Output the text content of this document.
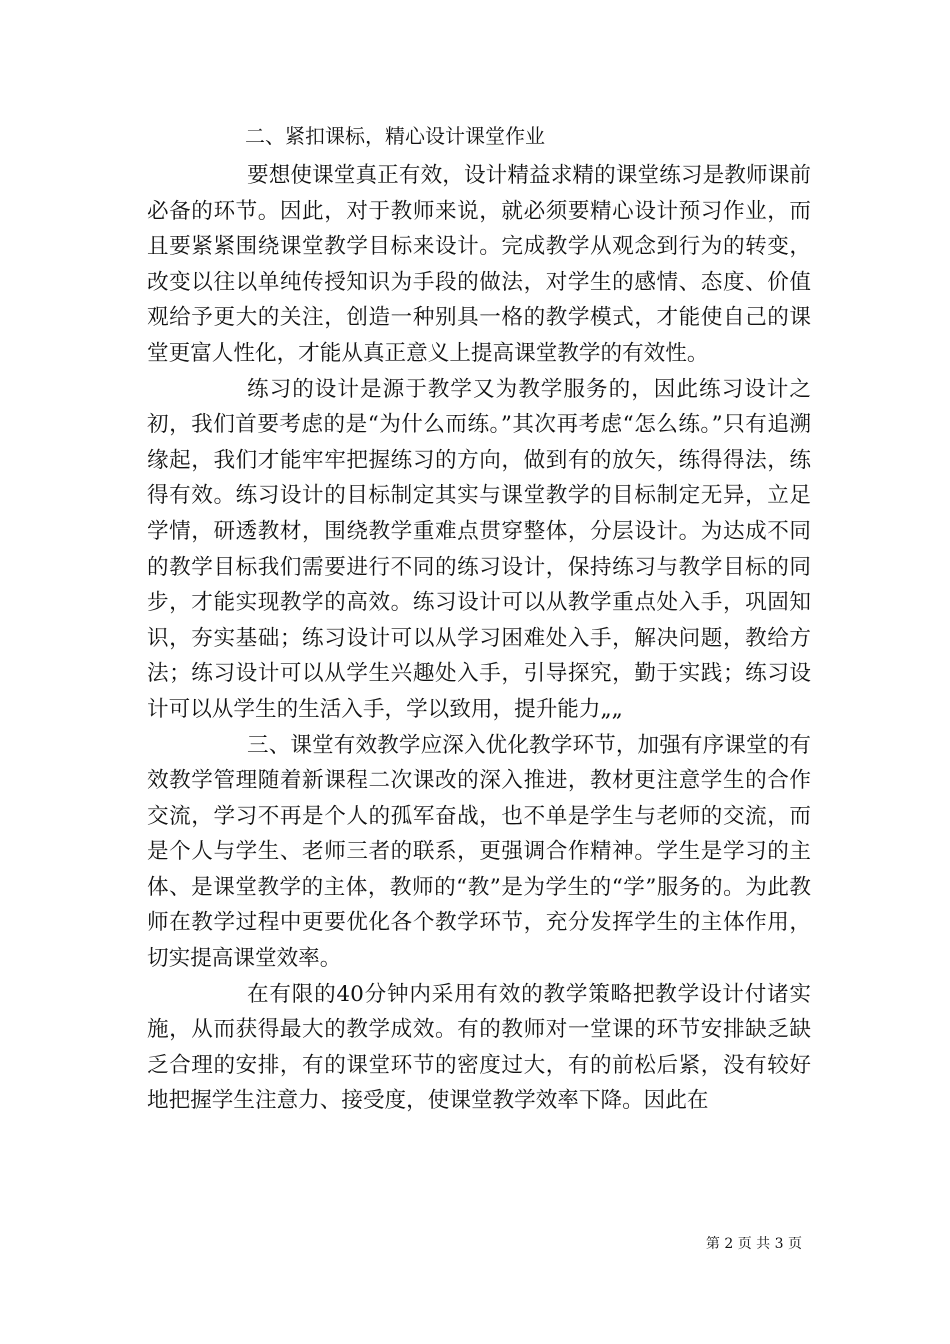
二、紧扣课标，精心设计课堂作业

要想使课堂真正有效，设计精益求精的课堂练习是教师课前必备的环节。因此，对于教师来说，就必须要精心设计预习作业，而且要紧紧围绕课堂教学目标来设计。完成教学从观念到行为的转变，改变以往以单纯传授知识为手段的做法，对学生的感情、态度、价值观给予更大的关注，创造一种别具一格的教学模式，才能使自己的课堂更富人性化，才能从真正意义上提高课堂教学的有效性。

练习的设计是源于教学又为教学服务的，因此练习设计之初，我们首要考虑的是“为什么而练。”其次再考虑“怎么练。”只有追溯缘起，我们才能牢牢把握练习的方向，做到有的放矢，练得得法，练得有效。练习设计的目标制定其实与课堂教学的目标制定无异，立足学情，研透教材，围绕教学重难点贯穿整体，分层设计。为达成不同的教学目标我们需要进行不同的练习设计，保持练习与教学目标的同步，才能实现教学的高效。练习设计可以从教学重点处入手，巩固知识，夯实基础；练习设计可以从学习困难处入手，解决问题，教给方法；练习设计可以从学生兴趣处入手，引导探究，勤于实践；练习设计可以从学生的生活入手，学以致用，提升能力„„

三、课堂有效教学应深入优化教学环节，加强有序课堂的有效教学管理随着新课程二次课改的深入推进，教材更注意学生的合作交流，学习不再是个人的孤军奋战，也不单是学生与老师的交流，而是个人与学生、老师三者的联系，更强调合作精神。学生是学习的主体、是课堂教学的主体，教师的“教”是为学生的“学”服务的。为此教师在教学过程中更要优化各个教学环节，充分发挥学生的主体作用，切实提高课堂效率。

在有限的40分钟内采用有效的教学策略把教学设计付诸实施，从而获得最大的教学成效。有的教师对一堂课的环节安排缺乏缺乏合理的安排，有的课堂环节的密度过大，有的前松后紧，没有较好地把握学生注意力、接受度，使课堂教学效率下降。因此在

第 2 页 共 3 页
